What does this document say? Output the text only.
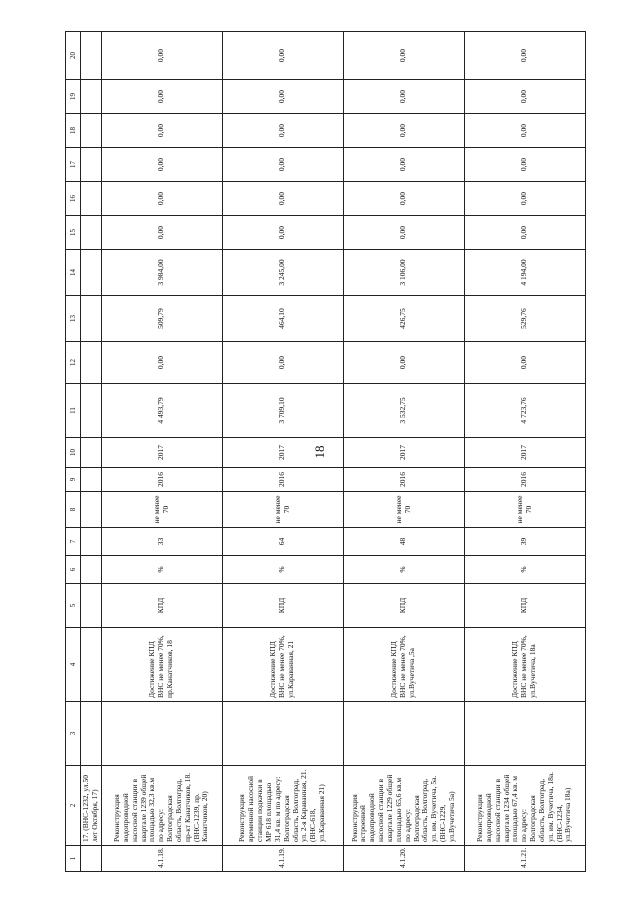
18
1	2	3	4	5	6	7	8	9	10	11	12	13	14	15	16	17	18	19	20
	17. (ВНС-1232, ул.50 лет Октября, 17)																		
4.1.18.	Реконструкция водопроводной насосной станции в квартале 1239 общей площадью 32,3 кв.м по адресу: Волгоградская область, Волгоград, пр-кт Канатчиков, 18. (ВНС-1239, пр. Канатчиков, 20)		Достижение КПД ВНС не менее 70%, пр.Канатчиков, 18	КПД	%	33	не менее 70	2016	2017	4 493,79	0,00	509,79	3 984,00	0,00	0,00	0,00	0,00	0,00	0,00
4.1.19.	Реконструкция временной насосной станции подкачки в МР 618 площадью 31,4 кв. м по адресу: Волгоградская область, Волгоград, ул. 2-я Караванная, 21. (ВНС-618, ул.Караванная 21)		Достижение КПД ВНС не менее 70%, ул.Караванная, 21	КПД	%	64	не менее 70	2016	2017	3 709,10	0,00	464,10	3 245,00	0,00	0,00	0,00	0,00	0,00	0,00
4.1.20.	Реконструкция встроенной водопроводной насосной станции в квартале 1229 общей площадью 65,6 кв.м по адресу: Волгоградская область, Волгоград, ул. им. Вучетича, 5а. (ВНС-1229, ул.Вучетича 5а)		Достижение КПД ВНС не менее 70%, ул.Вучетича ,5а	КПД	%	48	не менее 70	2016	2017	3 532,75	0,00	426,75	3 106,00	0,00	0,00	0,00	0,00	0,00	0,00
4.1.21.	Реконструкция водопроводной насосной станции в квартале 1234 общей площадью 67,4 кв. м по адресу: Волгоградская область, Волгоград, ул. им. Вучетича, 18а. (ВНС-1234, ул.Вучетича 18а)		Достижение КПД ВНС не менее 70%, ул.Вучетича, 18а	КПД	%	39	не менее 70	2016	2017	4 723,76	0,00	529,76	4 194,00	0,00	0,00	0,00	0,00	0,00	0,00
